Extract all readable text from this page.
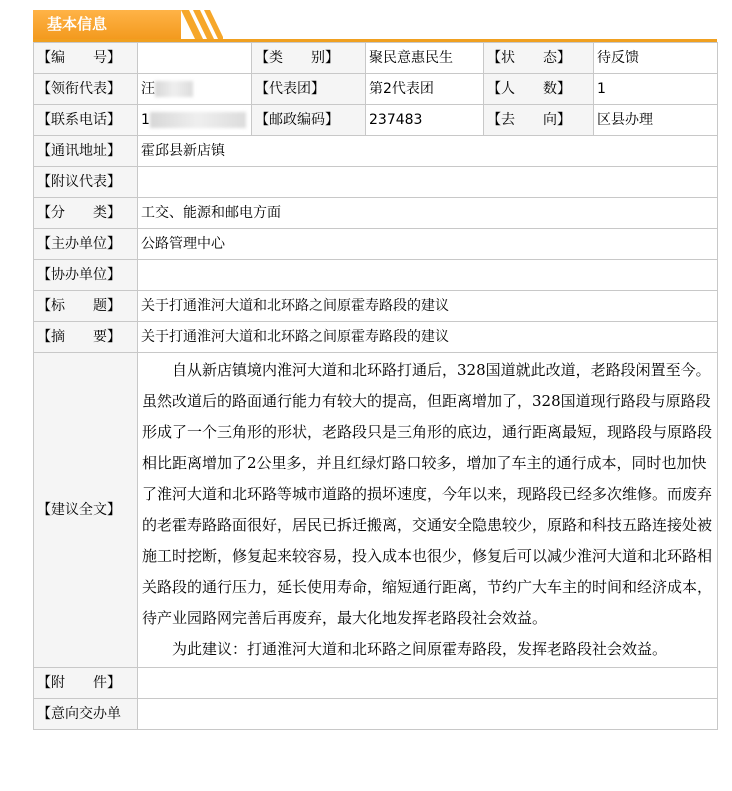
基本信息
【编　　号】		【类　　别】	聚民意惠民生	【状　　态】	待反馈
【领衔代表】	汪	【代表团】	第2代表团	【人　　数】	1
【联系电话】	1	【邮政编码】	237483	【去　　向】	区县办理
【通讯地址】	霍邱县新店镇				
【附议代表】					
【分　　类】	工交、能源和邮电方面				
【主办单位】	公路管理中心				
【协办单位】					
【标　　题】	关于打通淮河大道和北环路之间原霍寿路段的建议				
【摘　　要】	关于打通淮河大道和北环路之间原霍寿路段的建议				
【建议全文】	自从新店镇境内淮河大道和北环路打通后，328国道就此改道，老路段闲置至今。虽然改道后的路面通行能力有较大的提高，但距离增加了，328国道现行路段与原路段形成了一个三角形的形状，老路段只是三角形的底边，通行距离最短，现路段与原路段相比距离增加了2公里多，并且红绿灯路口较多，增加了车主的通行成本，同时也加快了淮河大道和北环路等城市道路的损坏速度，今年以来，现路段已经多次维修。而废弃的老霍寿路路面很好，居民已拆迁搬离，交通安全隐患较少，原路和科技五路连接处被施工时挖断，修复起来较容易，投入成本也很少，修复后可以减少淮河大道和北环路相关路段的通行压力，延长使用寿命，缩短通行距离，节约广大车主的时间和经济成本，待产业园路网完善后再废弃，最大化地发挥老路段社会效益。

为此建议：打通淮河大道和北环路之间原霍寿路段，发挥老路段社会效益。				

【附　　件】					
【意向交办单					
